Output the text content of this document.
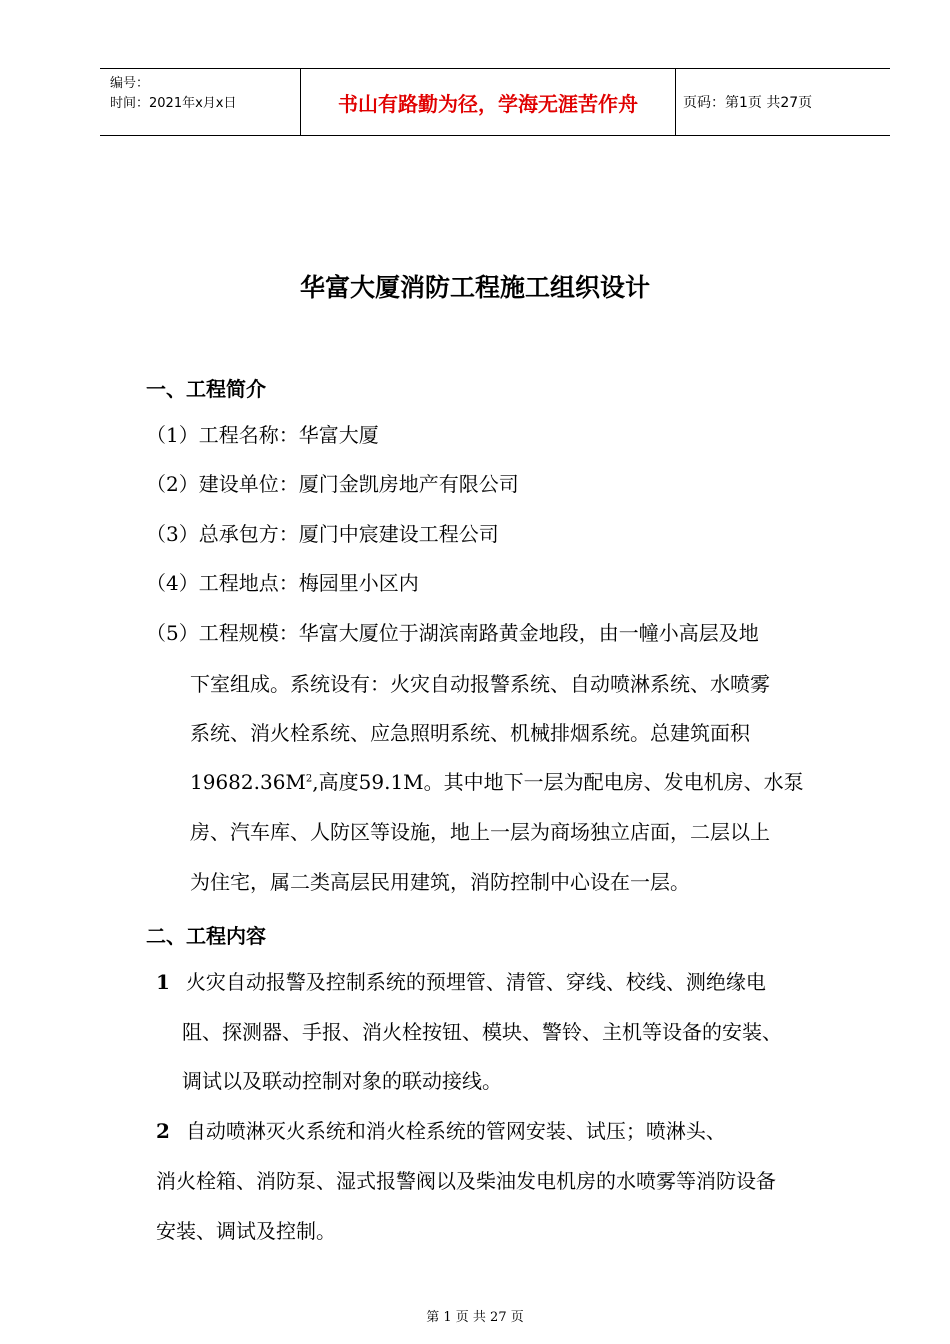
编号：
时间：2021年x月x日	书山有路勤为径，学海无涯苦作舟	页码：第1页 共27页
华富大厦消防工程施工组织设计
一、工程简介
（1）工程名称：华富大厦
（2）建设单位：厦门金凯房地产有限公司
（3）总承包方：厦门中宸建设工程公司
（4）工程地点：梅园里小区内
（5）工程规模：华富大厦位于湖滨南路黄金地段，由一幢小高层及地
下室组成。系统设有：火灾自动报警系统、自动喷淋系统、水喷雾
系统、消火栓系统、应急照明系统、机械排烟系统。总建筑面积
$19682.36M^2$,高度59.1M。其中地下一层为配电房、发电机房、水泵
房、汽车库、人防区等设施，地上一层为商场独立店面，二层以上
为住宅，属二类高层民用建筑，消防控制中心设在一层。
二、工程内容
1 火灾自动报警及控制系统的预埋管、清管、穿线、校线、测绝缘电
阻、探测器、手报、消火栓按钮、模块、警铃、主机等设备的安装、
调试以及联动控制对象的联动接线。
2 自动喷淋灭火系统和消火栓系统的管网安装、试压；喷淋头、
消火栓箱、消防泵、湿式报警阀以及柴油发电机房的水喷雾等消防设备
安装、调试及控制。
第 1 页 共 27 页
